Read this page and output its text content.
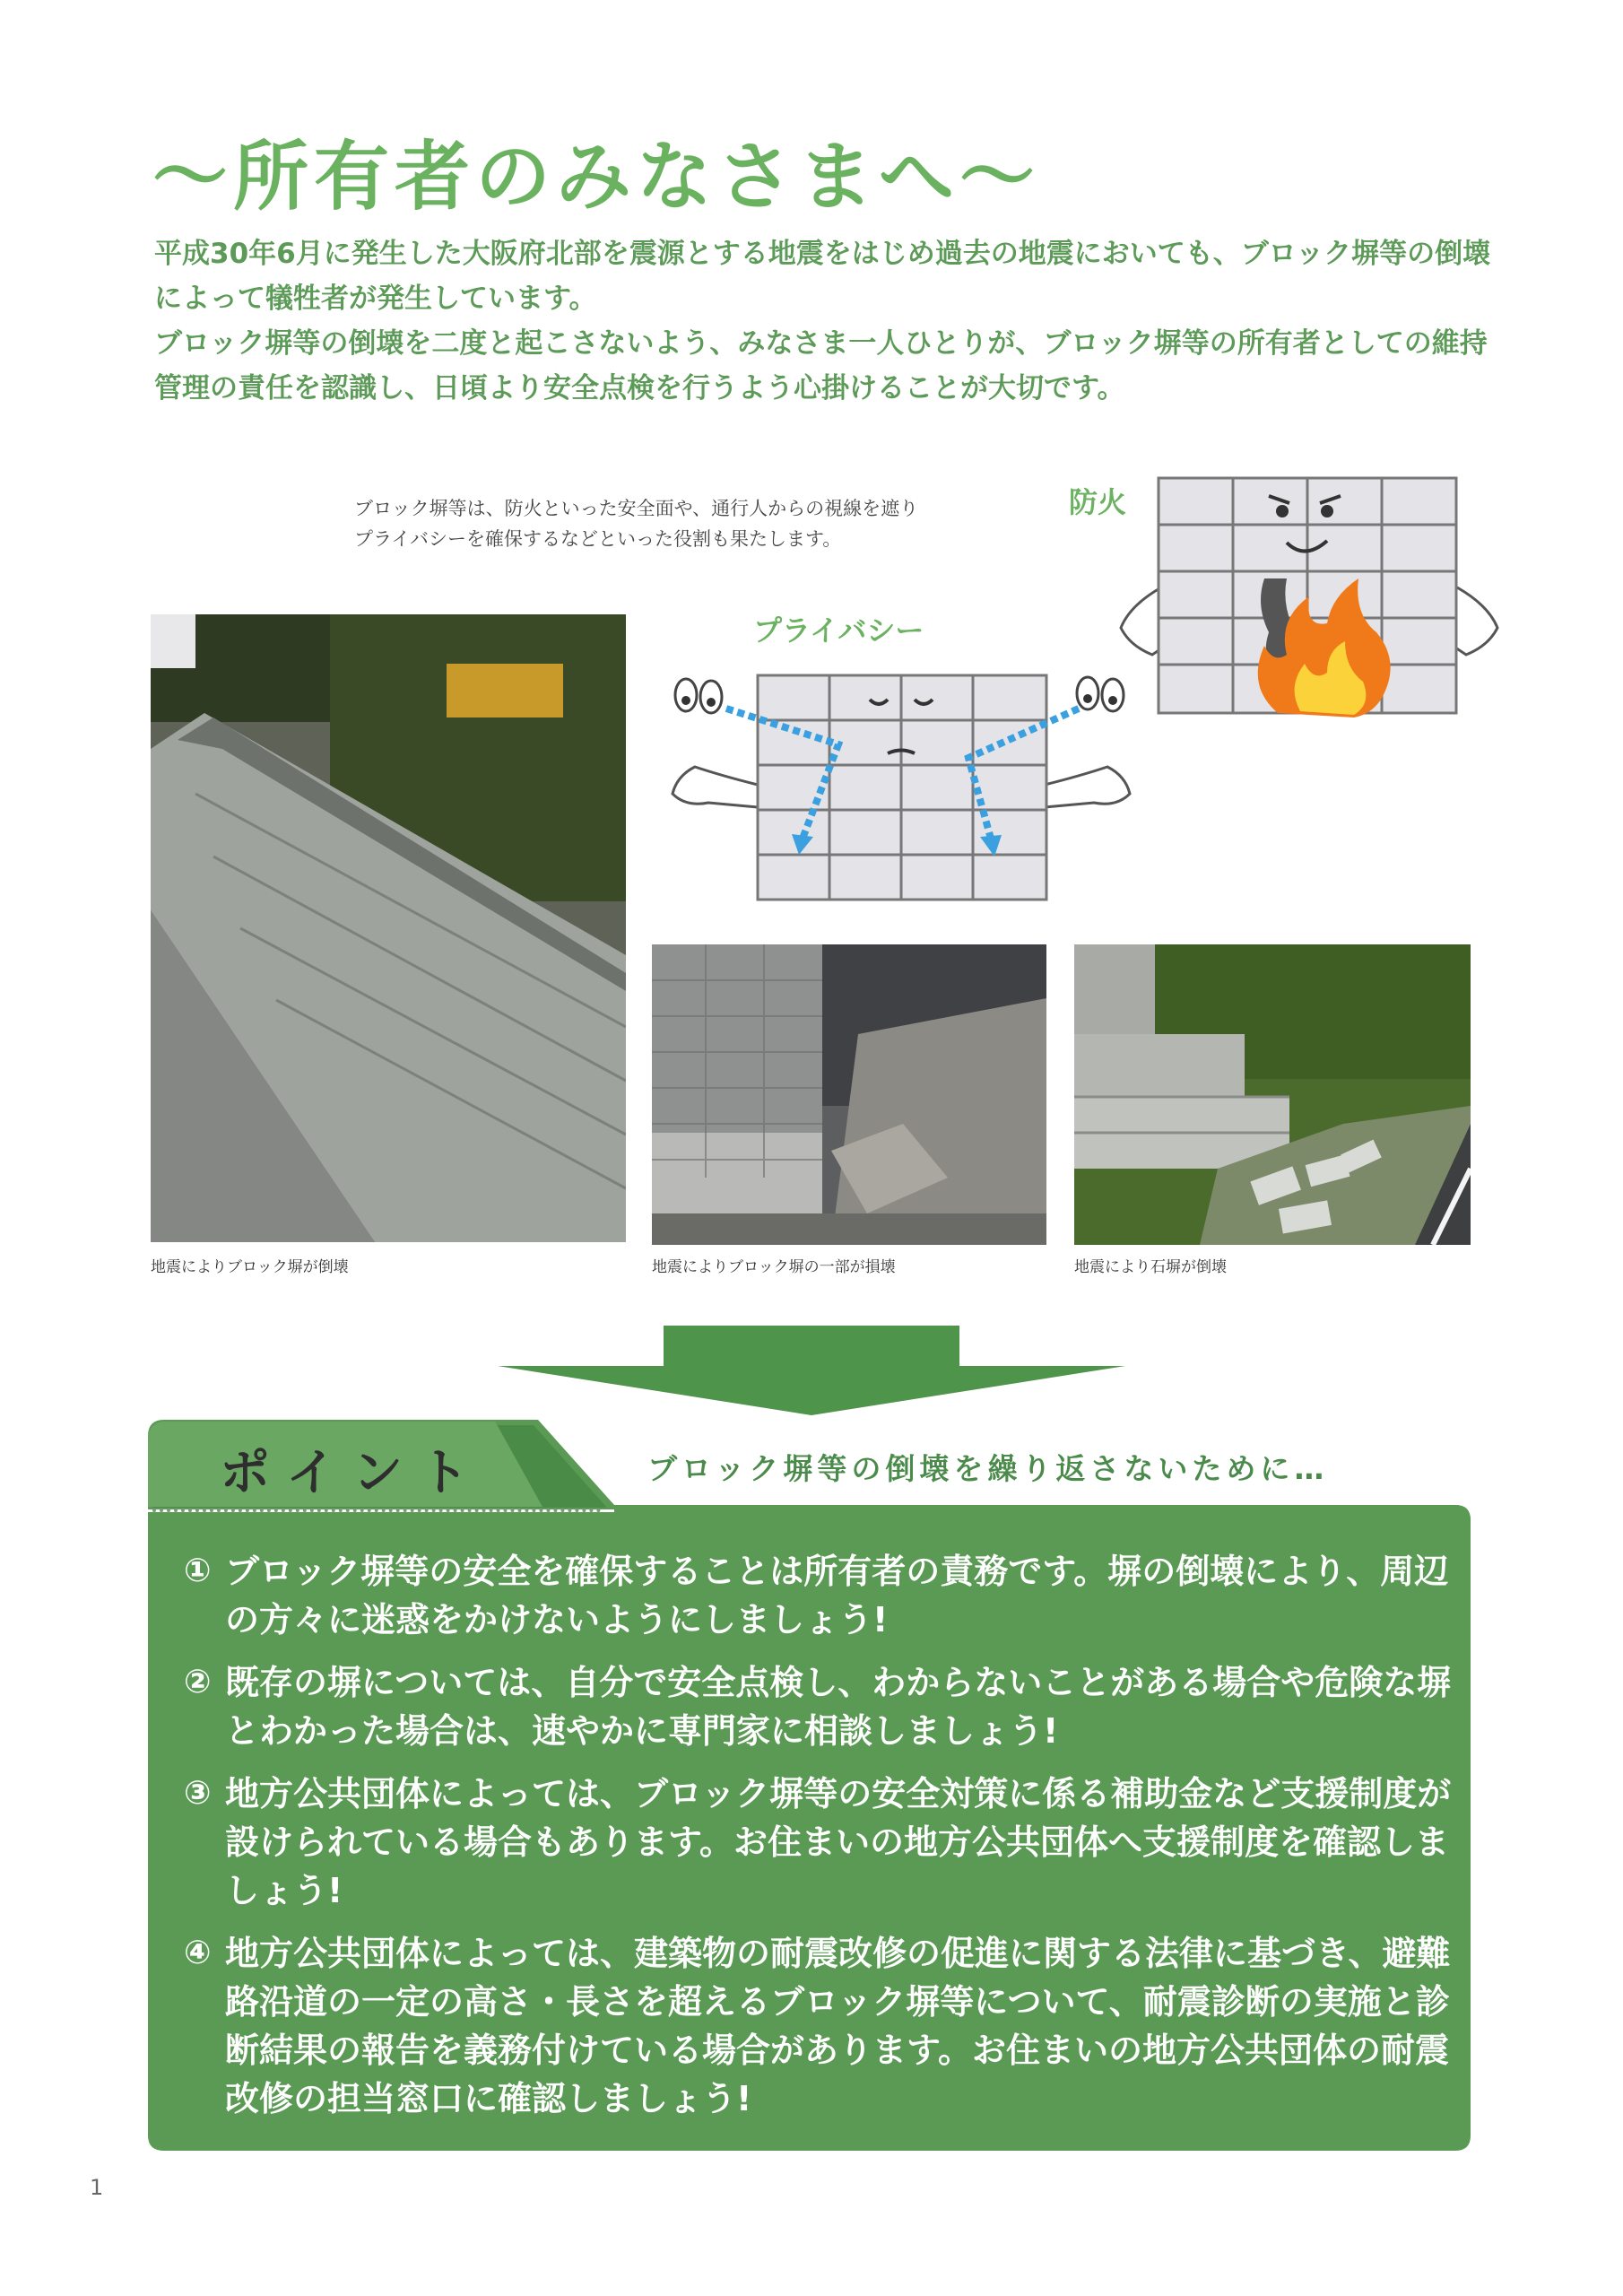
〜所有者のみなさまへ〜

平成30年6月に発生した大阪府北部を震源とする地震をはじめ過去の地震においても、ブロック塀等の倒壊によって犠牲者が発生しています。

ブロック塀等の倒壊を二度と起こさないよう、みなさま一人ひとりが、ブロック塀等の所有者としての維持管理の責任を認識し、日頃より安全点検を行うよう心掛けることが大切です。

ブロック塀等は、防火といった安全面や、通行人からの視線を遮り
プライバシーを確保するなどといった役割も果たします。
防火
プライバシー
地震によりブロック塀が倒壊	地震によりブロック塀の一部が損壊	地震により石塀が倒壊
ポイント	ブロック塀等の倒壊を繰り返さないために…
① ブロック塀等の安全を確保することは所有者の責務です。塀の倒壊により、周辺の方々に迷惑をかけないようにしましょう!
② 既存の塀については、自分で安全点検し、わからないことがある場合や危険な塀とわかった場合は、速やかに専門家に相談しましょう!
③ 地方公共団体によっては、ブロック塀等の安全対策に係る補助金など支援制度が設けられている場合もあります。お住まいの地方公共団体へ支援制度を確認しましょう!
④ 地方公共団体によっては、建築物の耐震改修の促進に関する法律に基づき、避難路沿道の一定の高さ・長さを超えるブロック塀等について、耐震診断の実施と診断結果の報告を義務付けている場合があります。お住まいの地方公共団体の耐震改修の担当窓口に確認しましょう!
1
